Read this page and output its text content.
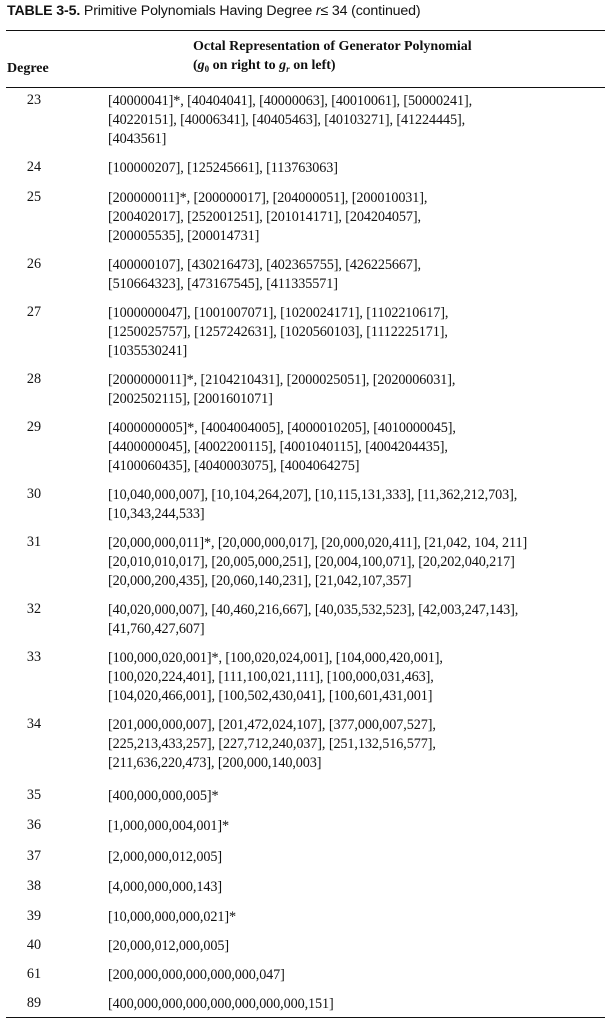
TABLE 3-5. Primitive Polynomials Having Degree r≤ 34 (continued)
Octal Representation of Generator Polynomial
($g_0$ on right to $g_r$ on left)
Degree
23	[40000041]*, [40404041], [40000063], [40010061], [50000241],
[40220151], [40006341], [40405463], [40103271], [41224445],
[4043561]
24	[100000207], [125245661], [113763063]
25	[200000011]*, [200000017], [204000051], [200010031],
[200402017], [252001251], [201014171], [204204057],
[200005535], [200014731]
26	[400000107], [430216473], [402365755], [426225667],
[510664323], [473167545], [411335571]
27	[1000000047], [1001007071], [1020024171], [1102210617],
[1250025757], [1257242631], [1020560103], [1112225171],
[1035530241]
28	[2000000011]*, [2104210431], [2000025051], [2020006031],
[2002502115], [2001601071]
29	[4000000005]*, [4004004005], [4000010205], [4010000045],
[4400000045], [4002200115], [4001040115], [4004204435],
[4100060435], [4040003075], [4004064275]
30	[10,040,000,007], [10,104,264,207], [10,115,131,333], [11,362,212,703],
[10,343,244,533]
31	[20,000,000,011]*, [20,000,000,017], [20,000,020,411], [21,042, 104, 211]
[20,010,010,017], [20,005,000,251], [20,004,100,071], [20,202,040,217]
[20,000,200,435], [20,060,140,231], [21,042,107,357]
32	[40,020,000,007], [40,460,216,667], [40,035,532,523], [42,003,247,143],
[41,760,427,607]
33	[100,000,020,001]*, [100,020,024,001], [104,000,420,001],
[100,020,224,401], [111,100,021,111], [100,000,031,463],
[104,020,466,001], [100,502,430,041], [100,601,431,001]
34	[201,000,000,007], [201,472,024,107], [377,000,007,527],
[225,213,433,257], [227,712,240,037], [251,132,516,577],
[211,636,220,473], [200,000,140,003]
35	[400,000,000,005]*
36	[1,000,000,004,001]*
37	[2,000,000,012,005]
38	[4,000,000,000,143]
39	[10,000,000,000,021]*
40	[20,000,012,000,005]
61	[200,000,000,000,000,000,047]
89	[400,000,000,000,000,000,000,000,151]
